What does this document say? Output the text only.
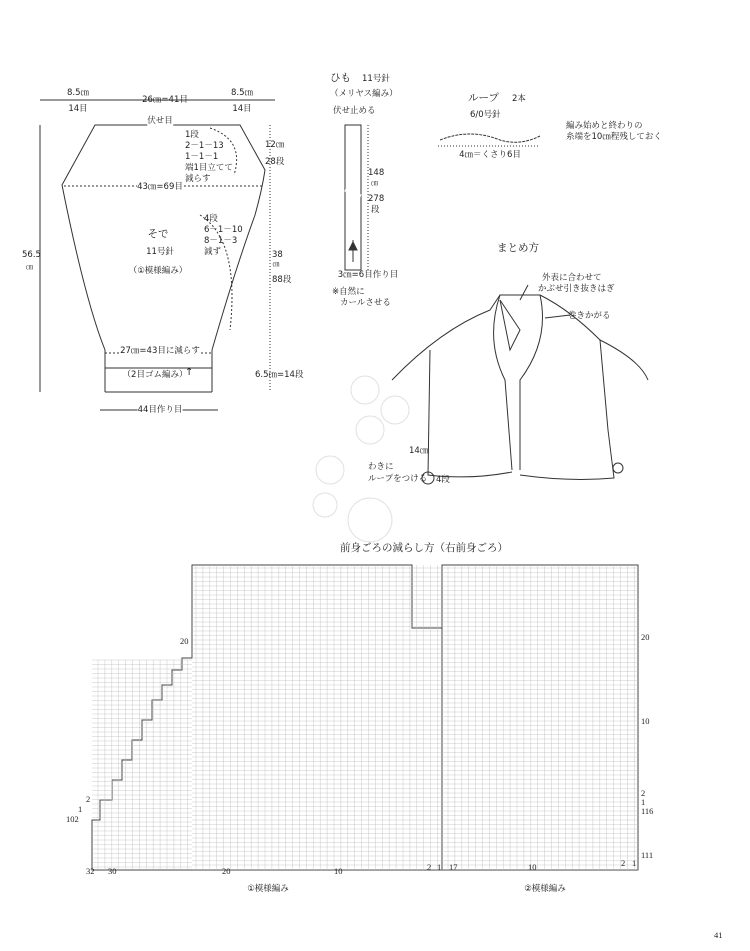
8.5㎝
14目
26㎝=41目
8.5㎝
14目
伏せ目
1段
2－1－13
1－1－1
端1目立てて
減らす
43㎝=69目
そで
11号針
（①模様編み）
4段
6－1－10
8－1－3
減ず
12㎝
28段
38
㎝
88段
6.5㎝=14段
56.5
㎝
27㎝=43目に減らす
（2目ゴム編み）
↑
44目作り目
ひも 11号針
（メリヤス編み）
伏せ止める
148
㎝
278
段
3㎝=6目作り目
※自然に
カールさせる
ループ 2本
6/0号針
編み始めと終わりの
糸端を10㎝程残しておく
4㎝＝くさり6目
まとめ方
外表に合わせて
かぶせ引き抜きはぎ
巻きかがる
14㎝
わきに
ループをつける 4段
前身ごろの減らし方（右前身ごろ）
20
2
1
102
32 30	20	10	2 1 17	10	2 1
20
10
2
1
116
111
①模様編み	②模様編み
41
